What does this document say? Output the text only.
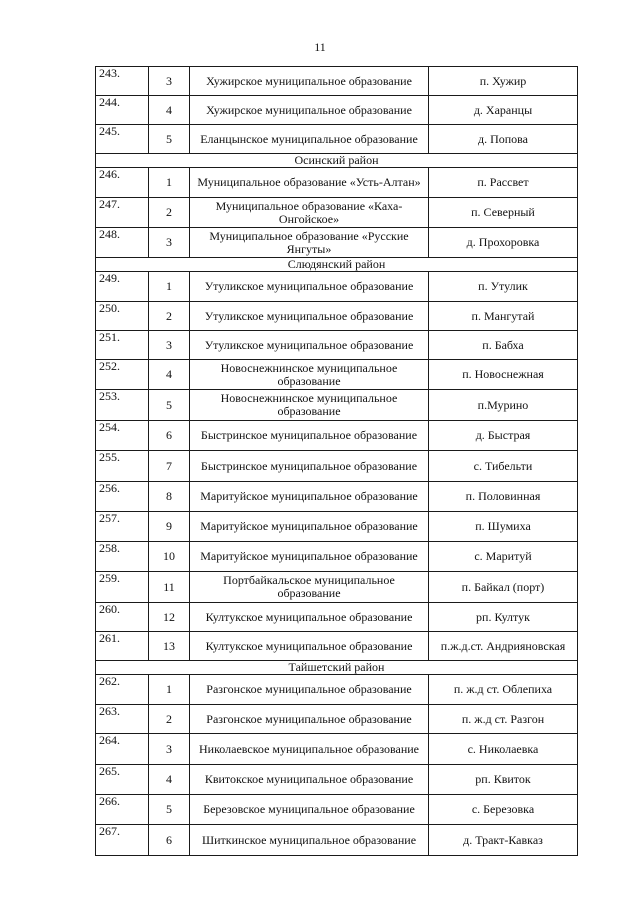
11
243.	3	Хужирское муниципальное образование	п. Хужир
244.	4	Хужирское муниципальное образование	д. Харанцы
245.	5	Еланцынское муниципальное образование	д. Попова
Осинский район			
246.	1	Муниципальное образование «Усть-Алтан»	п. Рассвет
247.	2	Муниципальное образование «Каха-Онгойское»	п. Северный
248.	3	Муниципальное образование «Русские Янгуты»	д. Прохоровка
Слюдянский район			
249.	1	Утуликское муниципальное образование	п. Утулик
250.	2	Утуликское муниципальное образование	п. Мангутай
251.	3	Утуликское муниципальное образование	п. Бабха
252.	4	Новоснежнинское муниципальное образование	п. Новоснежная
253.	5	Новоснежнинское муниципальное образование	п.Мурино
254.	6	Быстринское муниципальное образование	д. Быстрая
255.	7	Быстринское муниципальное образование	с. Тибельти
256.	8	Маритуйское муниципальное образование	п. Половинная
257.	9	Маритуйское муниципальное образование	п. Шумиха
258.	10	Маритуйское муниципальное образование	с. Маритуй
259.	11	Портбайкальское муниципальное образование	п. Байкал (порт)
260.	12	Култукское муниципальное образование	рп. Култук
261.	13	Култукское муниципальное образование	п.ж.д.ст. Андрияновская
Тайшетский район			
262.	1	Разгонское муниципальное образование	п. ж.д ст. Облепиха
263.	2	Разгонское муниципальное образование	п. ж.д ст. Разгон
264.	3	Николаевское муниципальное образование	с. Николаевка
265.	4	Квитокское муниципальное образование	рп. Квиток
266.	5	Березовское муниципальное образование	с. Березовка
267.	6	Шиткинское муниципальное образование	д. Тракт-Кавказ
